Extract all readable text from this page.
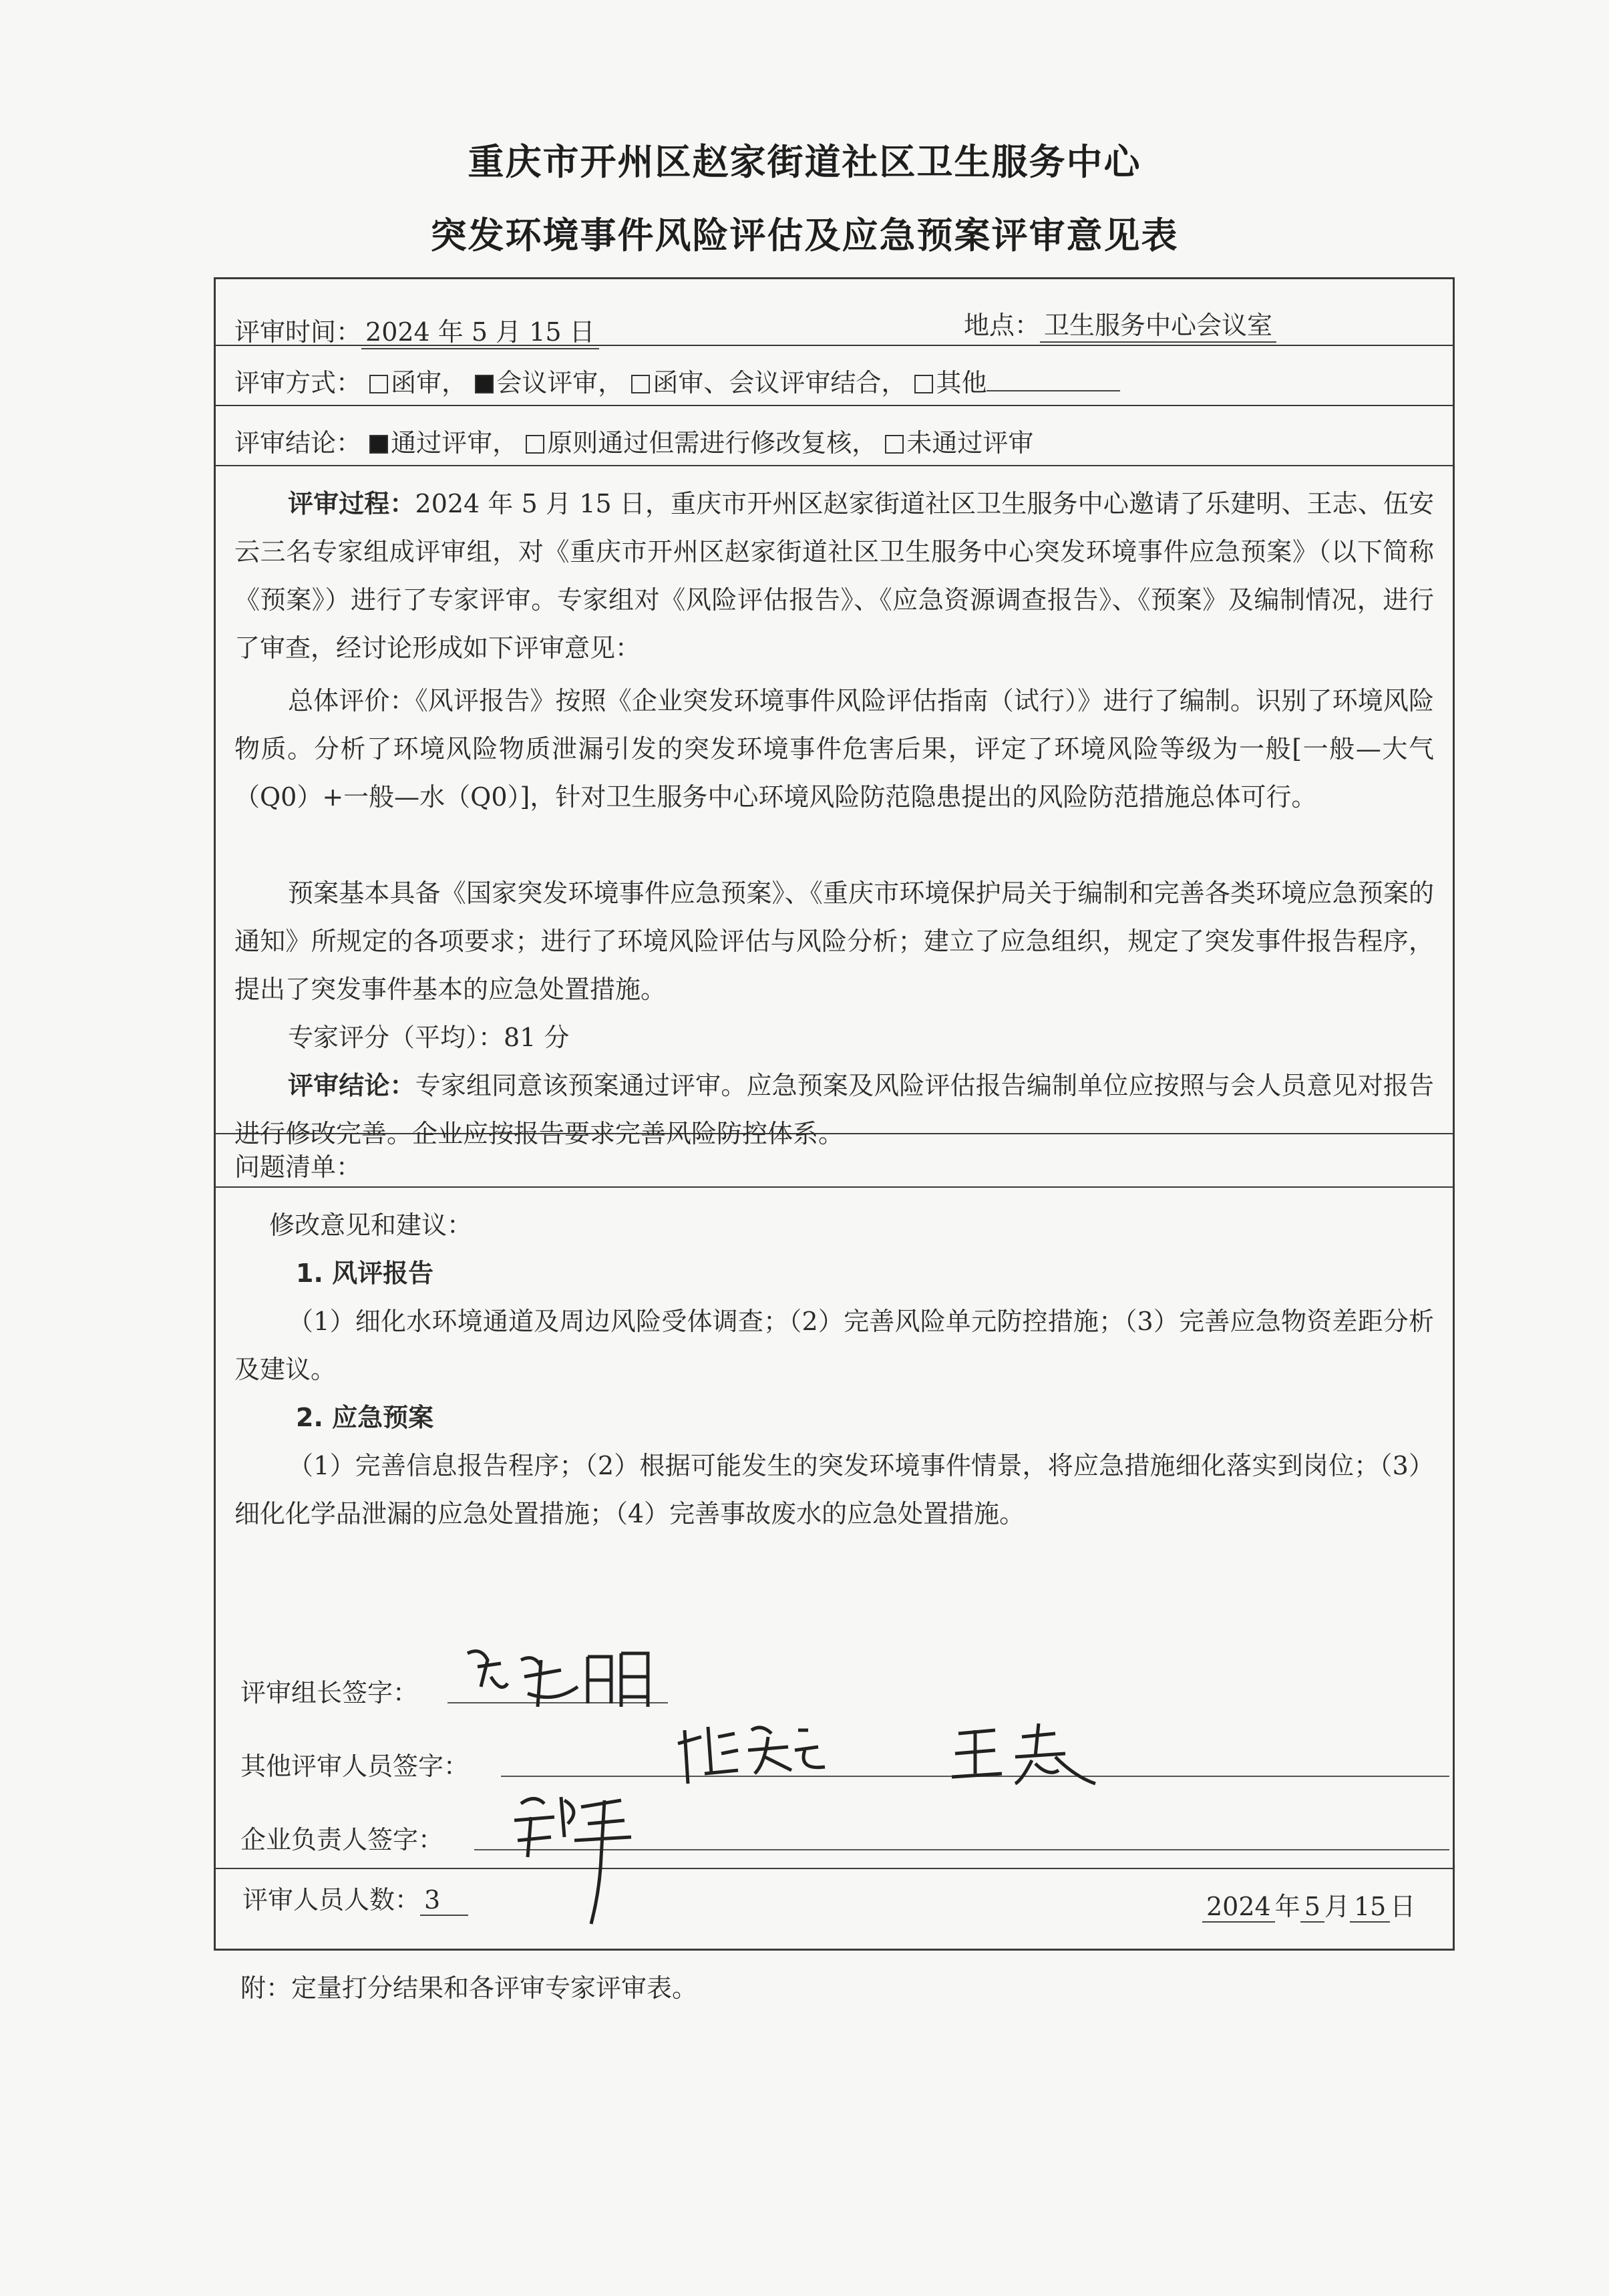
重庆市开州区赵家街道社区卫生服务中心
突发环境事件风险评估及应急预案评审意见表
评审时间： 2024 年 5 月 15 日	地点： 卫生服务中心会议室
评审方式： 函审， 会议评审， 函审、会议评审结合， 其他
评审结论： 通过评审， 原则通过但需进行修改复核， 未通过评审
评审过程：2024 年 5 月 15 日，重庆市开州区赵家街道社区卫生服务中心邀请了乐建明、王志、伍安云三名专家组成评审组，对《重庆市开州区赵家街道社区卫生服务中心突发环境事件应急预案》（以下简称《预案》）进行了专家评审。专家组对《风险评估报告》、《应急资源调查报告》、《预案》及编制情况，进行了审查，经讨论形成如下评审意见：
总体评价：《风评报告》按照《企业突发环境事件风险评估指南（试行）》进行了编制。识别了环境风险物质。分析了环境风险物质泄漏引发的突发环境事件危害后果，评定了环境风险等级为一般[一般—大气（Q0）+一般—水（Q0）]，针对卫生服务中心环境风险防范隐患提出的风险防范措施总体可行。
预案基本具备《国家突发环境事件应急预案》、《重庆市环境保护局关于编制和完善各类环境应急预案的通知》所规定的各项要求；进行了环境风险评估与风险分析；建立了应急组织，规定了突发事件报告程序，提出了突发事件基本的应急处置措施。
专家评分（平均）：81 分
评审结论：专家组同意该预案通过评审。应急预案及风险评估报告编制单位应按照与会人员意见对报告进行修改完善。企业应按报告要求完善风险防控体系。
问题清单：
修改意见和建议：
1. 风评报告
（1）细化水环境通道及周边风险受体调查；（2）完善风险单元防控措施；（3）完善应急物资差距分析及建议。
2. 应急预案
（1）完善信息报告程序；（2）根据可能发生的突发环境事件情景，将应急措施细化落实到岗位；（3）细化化学品泄漏的应急处置措施；（4）完善事故废水的应急处置措施。
评审人员人数： 3
评审组长签字：
其他评审人员签字：
企业负责人签字：
2024 年 5 月 15 日
附：定量打分结果和各评审专家评审表。
